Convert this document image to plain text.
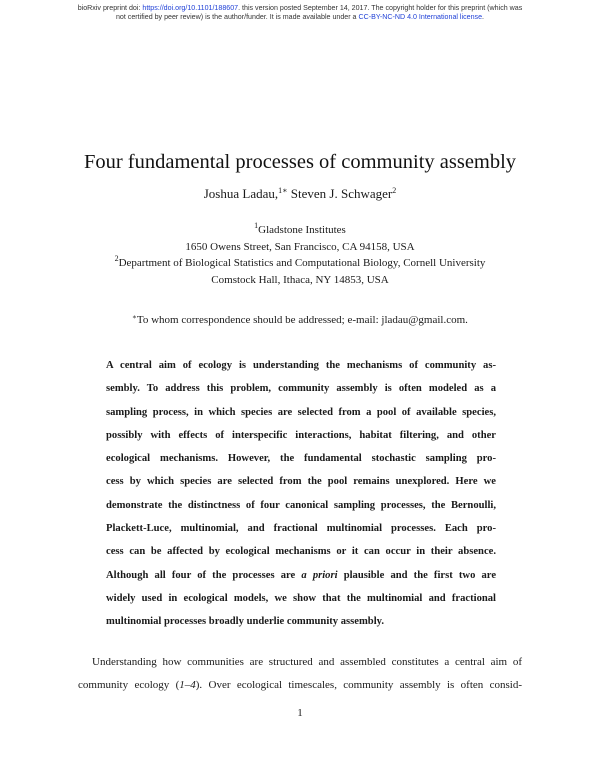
bioRxiv preprint doi: https://doi.org/10.1101/188607. this version posted September 14, 2017. The copyright holder for this preprint (which was
not certified by peer review) is the author/funder. It is made available under a CC-BY-NC-ND 4.0 International license.
Four fundamental processes of community assembly
Joshua Ladau,$^{1∗}$ Steven J. Schwager$^2$
$^1$Gladstone Institutes
1650 Owens Street, San Francisco, CA 94158, USA
$^2$Department of Biological Statistics and Computational Biology, Cornell University
Comstock Hall, Ithaca, NY 14853, USA
∗To whom correspondence should be addressed; e-mail: jladau@gmail.com.
A central aim of ecology is understanding the mechanisms of community as-
sembly. To address this problem, community assembly is often modeled as a
sampling process, in which species are selected from a pool of available species,
possibly with effects of interspecific interactions, habitat filtering, and other
ecological mechanisms. However, the fundamental stochastic sampling pro-
cess by which species are selected from the pool remains unexplored. Here we
demonstrate the distinctness of four canonical sampling processes, the Bernoulli,
Plackett-Luce, multinomial, and fractional multinomial processes. Each pro-
cess can be affected by ecological mechanisms or it can occur in their absence.
Although all four of the processes are a priori plausible and the first two are
widely used in ecological models, we show that the multinomial and fractional
multinomial processes broadly underlie community assembly.
Understanding how communities are structured and assembled constitutes a central aim of
community ecology (1–4). Over ecological timescales, community assembly is often consid-
1
